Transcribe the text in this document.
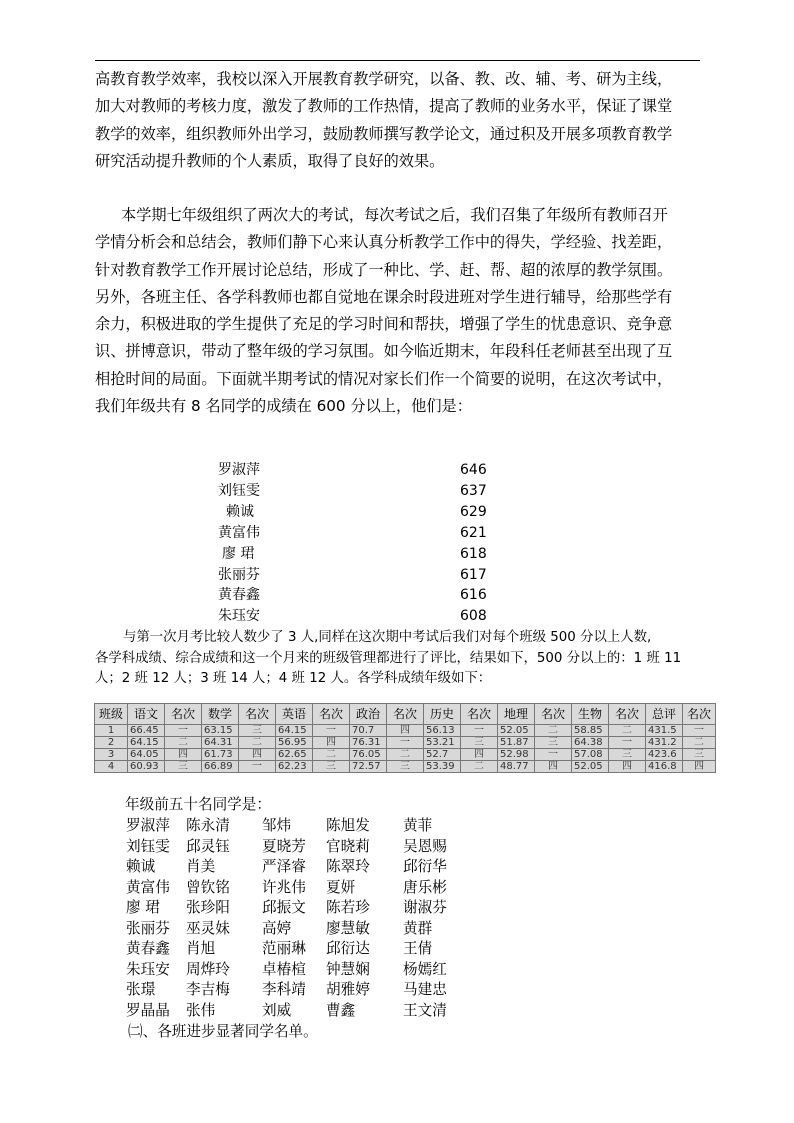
高教育教学效率，我校以深入开展教育教学研究，以备、教、改、辅、考、研为主线，
加大对教师的考核力度，激发了教师的工作热情，提高了教师的业务水平，保证了课堂
教学的效率，组织教师外出学习，鼓励教师撰写教学论文，通过积及开展多项教育教学
研究活动提升教师的个人素质，取得了良好的效果。
本学期七年级组织了两次大的考试，每次考试之后，我们召集了年级所有教师召开
学情分析会和总结会，教师们静下心来认真分析教学工作中的得失，学经验、找差距，
针对教育教学工作开展讨论总结，形成了一种比、学、赶、帮、超的浓厚的教学氛围。
另外，各班主任、各学科教师也都自觉地在课余时段进班对学生进行辅导，给那些学有
余力，积极进取的学生提供了充足的学习时间和帮扶，增强了学生的忧患意识、竞争意
识、拼博意识，带动了整年级的学习氛围。如今临近期末，年段科任老师甚至出现了互
相抢时间的局面。下面就半期考试的情况对家长们作一个简要的说明，在这次考试中，
我们年级共有 8 名同学的成绩在 600 分以上，他们是：
罗淑萍	646
刘钰雯	637
赖诚	629
黄富伟	621
廖 珺	618
张丽芬	617
黄春鑫	616
朱珏安	608
与第一次月考比较人数少了 3 人,同样在这次期中考试后我们对每个班级 500 分以上人数,
各学科成绩、综合成绩和这一个月来的班级管理都进行了评比，结果如下，500 分以上的：1 班 11
人；2 班 12 人；3 班 14 人；4 班 12 人。各学科成绩年级如下：
班级	语文	名次	数学	名次	英语	名次	政治	名次	历史	名次	地理	名次	生物	名次	总评	名次
1	66.45	一	63.15	三	64.15	一	70.7	四	56.13	一	52.05	二	58.85	二	431.5	一
2	64.15	二	64.31	二	56.95	四	76.31	一	53.21	三	51.87	三	64.38	一	431.2	二
3	64.05	四	61.73	四	62.65	二	76.05	二	52.7	四	52.98	一	57.08	三	423.6	三
4	60.93	三	66.89	一	62.23	三	72.57	三	53.39	二	48.77	四	52.05	四	416.8	四
年级前五十名同学是：
罗淑萍 陈永清 邹炜 陈旭发 黄菲
刘钰雯 邱灵钰 夏晓芳 官晓莉 吴恩赐
赖诚 肖美	严泽睿 陈翠玲 邱衍华
黄富伟 曾钦铭 许兆伟 夏妍	唐乐彬
廖 珺 张珍阳 邱振文 陈若珍 谢淑芬
张丽芬 巫灵妹 高婷 廖慧敏 黄群
黄春鑫 肖旭	范丽琳 邱衍达 王倩
朱珏安 周烨玲 卓椿楦 钟慧娴 杨嫣红
张璟 李吉梅 李科靖 胡雅婷 马建忠
罗晶晶 张伟	刘威 曹鑫	王文清
㈡、各班进步显著同学名单。
